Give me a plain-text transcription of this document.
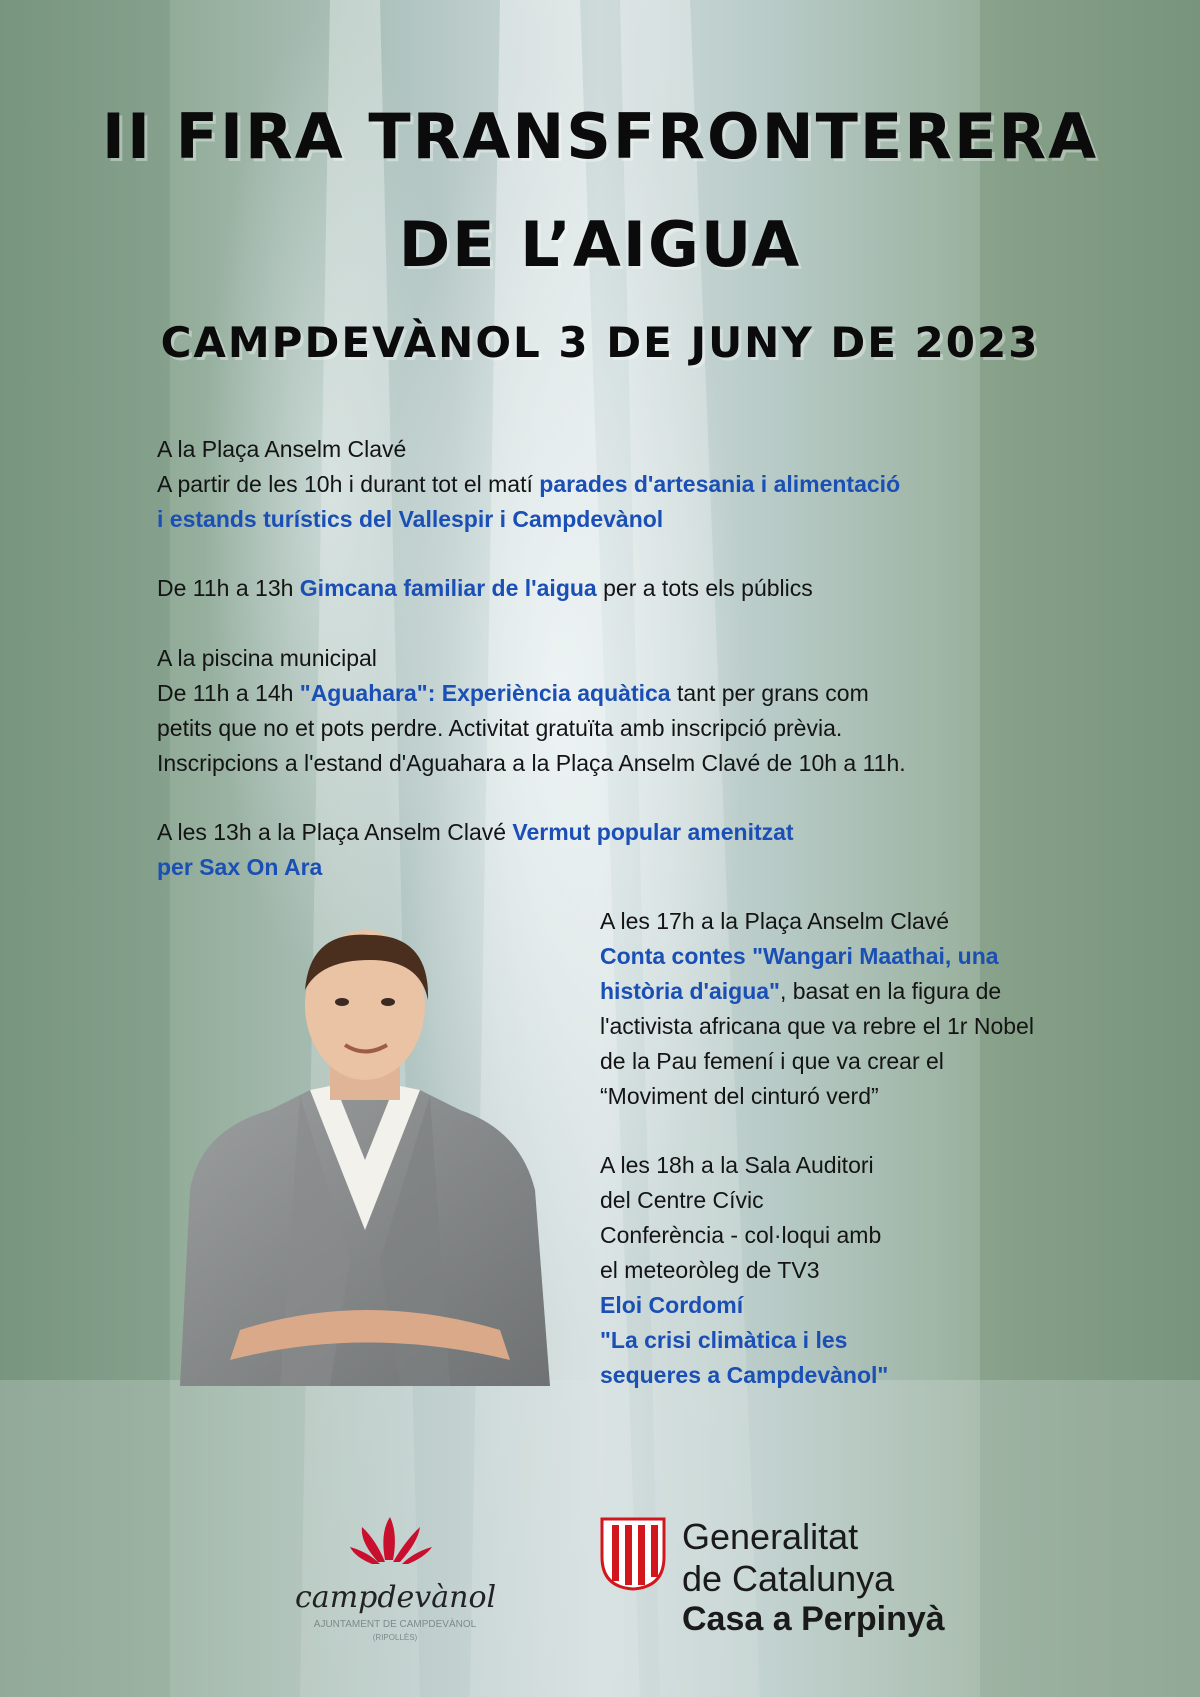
II FIRA TRANSFRONTERERA
DE L’AIGUA
CAMPDEVÀNOL 3 DE JUNY DE 2023
A la Plaça Anselm Clavé
A partir de les 10h i durant tot el matí parades d'artesania i alimentació
i estands turístics del Vallespir i Campdevànol
De 11h a 13h Gimcana familiar de l'aigua per a tots els públics
A la piscina municipal
De 11h a 14h "Aguahara": Experiència aquàtica tant per grans com
petits que no et pots perdre. Activitat gratuïta amb inscripció prèvia.
Inscripcions a l'estand d'Aguahara a la Plaça Anselm Clavé de 10h a 11h.
A les 13h a la Plaça Anselm Clavé Vermut popular amenitzat
per Sax On Ara
A les 17h a la Plaça Anselm Clavé
Conta contes "Wangari Maathai, una
història d'aigua", basat en la figura de
l'activista africana que va rebre el 1r Nobel
de la Pau femení i que va crear el
“Moviment del cinturó verd”
A les 18h a la Sala Auditori
del Centre Cívic
Conferència - col·loqui amb
el meteoròleg de TV3
Eloi Cordomí
"La crisi climàtica i les
sequeres a Campdevànol"
campdevànol
AJUNTAMENT DE CAMPDEVÀNOL
(RIPOLLÈS)
Generalitat
de Catalunya
Casa a Perpinyà
